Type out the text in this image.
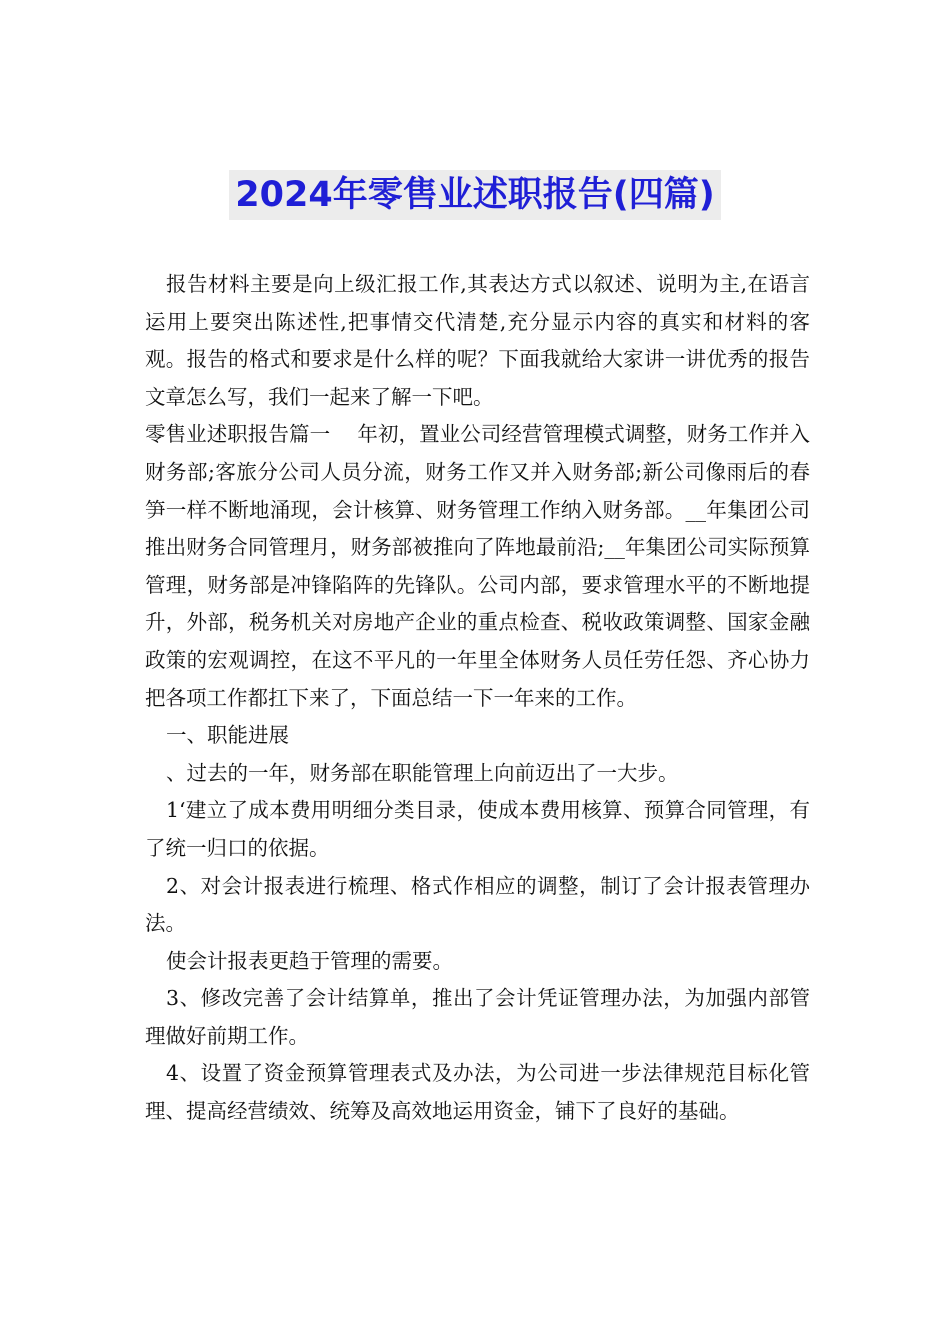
2024年零售业述职报告(四篇)

报告材料主要是向上级汇报工作,其表达方式以叙述、说明为主,在语言运用上要突出陈述性,把事情交代清楚,充分显示内容的真实和材料的客观。报告的格式和要求是什么样的呢？下面我就给大家讲一讲优秀的报告文章怎么写，我们一起来了解一下吧。

零售业述职报告篇一　 年初，置业公司经营管理模式调整，财务工作并入财务部;客旅分公司人员分流，财务工作又并入财务部;新公司像雨后的春笋一样不断地涌现，会计核算、财务管理工作纳入财务部。__年集团公司推出财务合同管理月，财务部被推向了阵地最前沿;__年集团公司实际预算管理，财务部是冲锋陷阵的先锋队。公司内部，要求管理水平的不断地提升，外部，税务机关对房地产企业的重点检查、税收政策调整、国家金融政策的宏观调控，在这不平凡的一年里全体财务人员任劳任怨、齐心协力把各项工作都扛下来了，下面总结一下一年来的工作。

一、职能进展

、过去的一年，财务部在职能管理上向前迈出了一大步。

1‘建立了成本费用明细分类目录，使成本费用核算、预算合同管理，有了统一归口的依据。

2、对会计报表进行梳理、格式作相应的调整，制订了会计报表管理办法。

使会计报表更趋于管理的需要。

3、修改完善了会计结算单，推出了会计凭证管理办法，为加强内部管理做好前期工作。

4、设置了资金预算管理表式及办法，为公司进一步法律规范目标化管理、提高经营绩效、统筹及高效地运用资金，铺下了良好的基础。
